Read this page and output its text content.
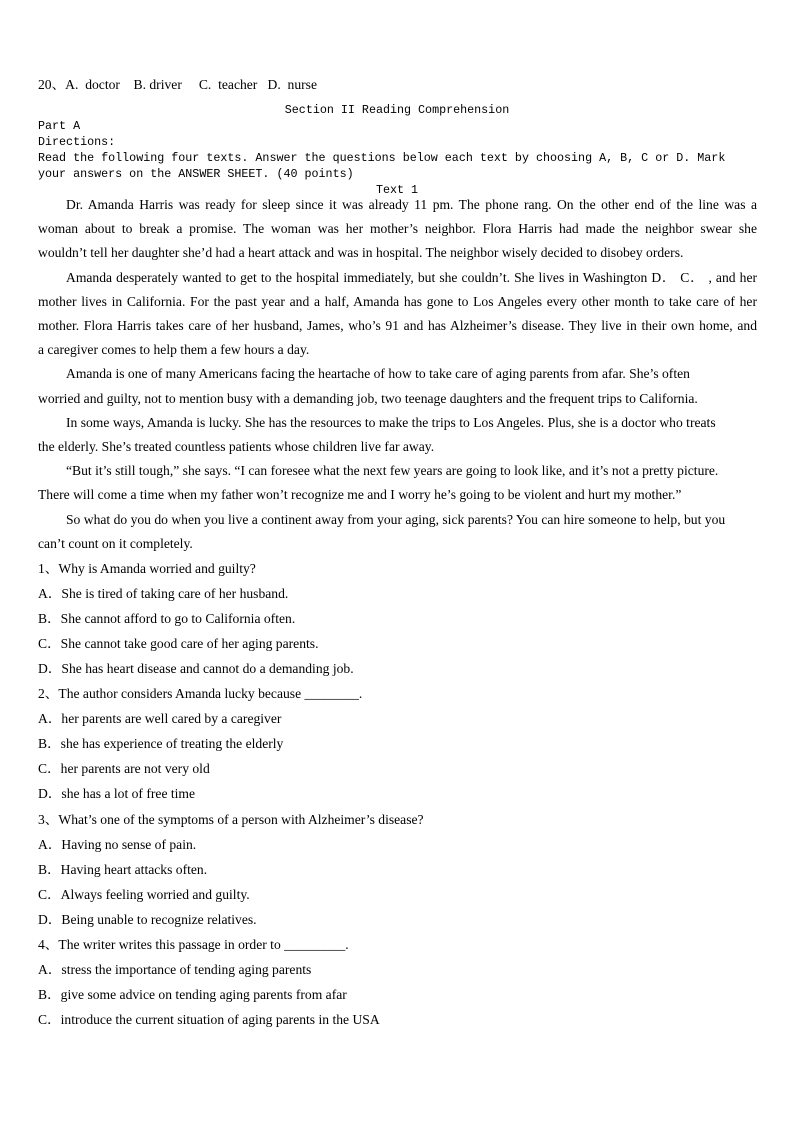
20、A.  doctor    B. driver     C.  teacher   D.  nurse
Section II Reading Comprehension
Part A
Directions:
Read the following four texts. Answer the questions below each text by choosing A, B, C or D. Mark
your answers on the ANSWER SHEET. (40 points)
Text 1
Dr. Amanda Harris was ready for sleep since it was already 11 pm. The phone rang. On the other end of the line was a
woman about to break a promise. The woman was her mother’s neighbor. Flora Harris had made the neighbor swear she
wouldn’t tell her daughter she’d had a heart attack and was in hospital. The neighbor wisely decided to disobey orders.
Amanda desperately wanted to get to the hospital immediately, but she couldn’t. She lives in Washington D． C． , and her
mother lives in California. For the past year and a half, Amanda has gone to Los Angeles every other month to take care of her
mother. Flora Harris takes care of her husband, James, who’s 91 and has Alzheimer’s disease. They live in their own home, and
a caregiver comes to help them a few hours a day.
Amanda is one of many Americans facing the heartache of how to take care of aging parents from afar. She’s often
worried and guilty, not to mention busy with a demanding job, two teenage daughters and the frequent trips to California.
In some ways, Amanda is lucky. She has the resources to make the trips to Los Angeles. Plus, she is a doctor who treats
the elderly. She’s treated countless patients whose children live far away.
“But it’s still tough,” she says. “I can foresee what the next few years are going to look like, and it’s not a pretty picture.
There will come a time when my father won’t recognize me and I worry he’s going to be violent and hurt my mother.”
So what do you do when you live a continent away from your aging, sick parents? You can hire someone to help, but you
can’t count on it completely.
1、Why is Amanda worried and guilty?
A．She is tired of taking care of her husband.
B．She cannot afford to go to California often.
C．She cannot take good care of her aging parents.
D．She has heart disease and cannot do a demanding job.
2、The author considers Amanda lucky because ________.
A．her parents are well cared by a caregiver
B．she has experience of treating the elderly
C．her parents are not very old
D．she has a lot of free time
3、What’s one of the symptoms of a person with Alzheimer’s disease?
A．Having no sense of pain.
B．Having heart attacks often.
C．Always feeling worried and guilty.
D．Being unable to recognize relatives.
4、The writer writes this passage in order to _________.
A．stress the importance of tending aging parents
B．give some advice on tending aging parents from afar
C．introduce the current situation of aging parents in the USA
